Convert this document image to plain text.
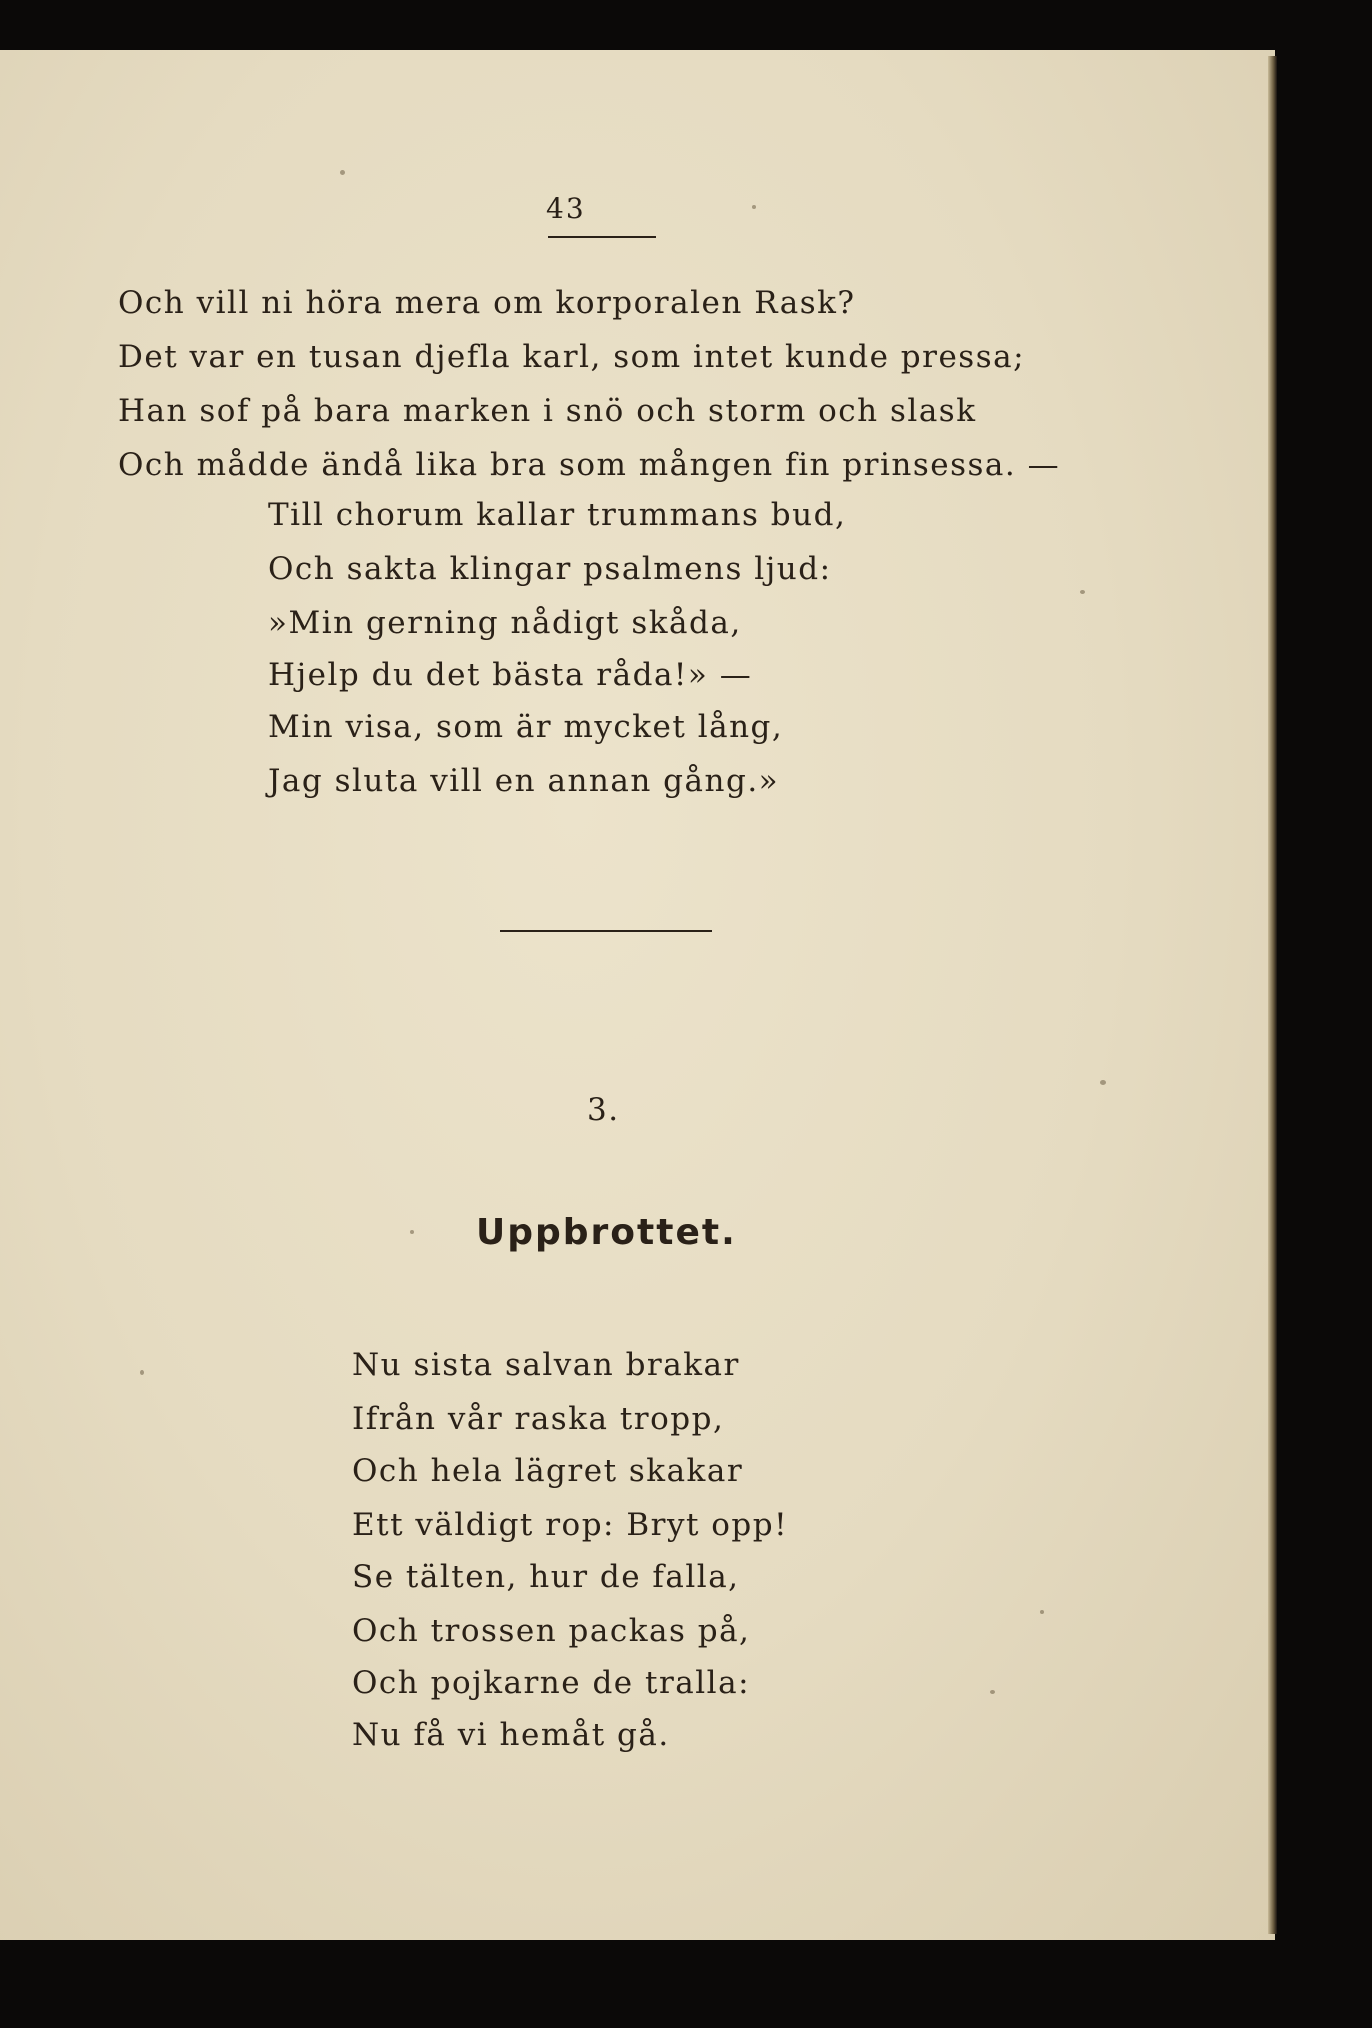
43
Och vill ni höra mera om korporalen Rask?
Det var en tusan djefla karl, som intet kunde pressa;
Han sof på bara marken i snö och storm och slask
Och mådde ändå lika bra som mången fin prinsessa. —
Till chorum kallar trummans bud,
Och sakta klingar psalmens ljud:
»Min gerning nådigt skåda,
Hjelp du det bästa råda!» —
Min visa, som är mycket lång,
Jag sluta vill en annan gång.»
3.
Uppbrottet.
Nu sista salvan brakar
Ifrån vår raska tropp,
Och hela lägret skakar
Ett väldigt rop: Bryt opp!
Se tälten, hur de falla,
Och trossen packas på,
Och pojkarne de tralla:
Nu få vi hemåt gå.
